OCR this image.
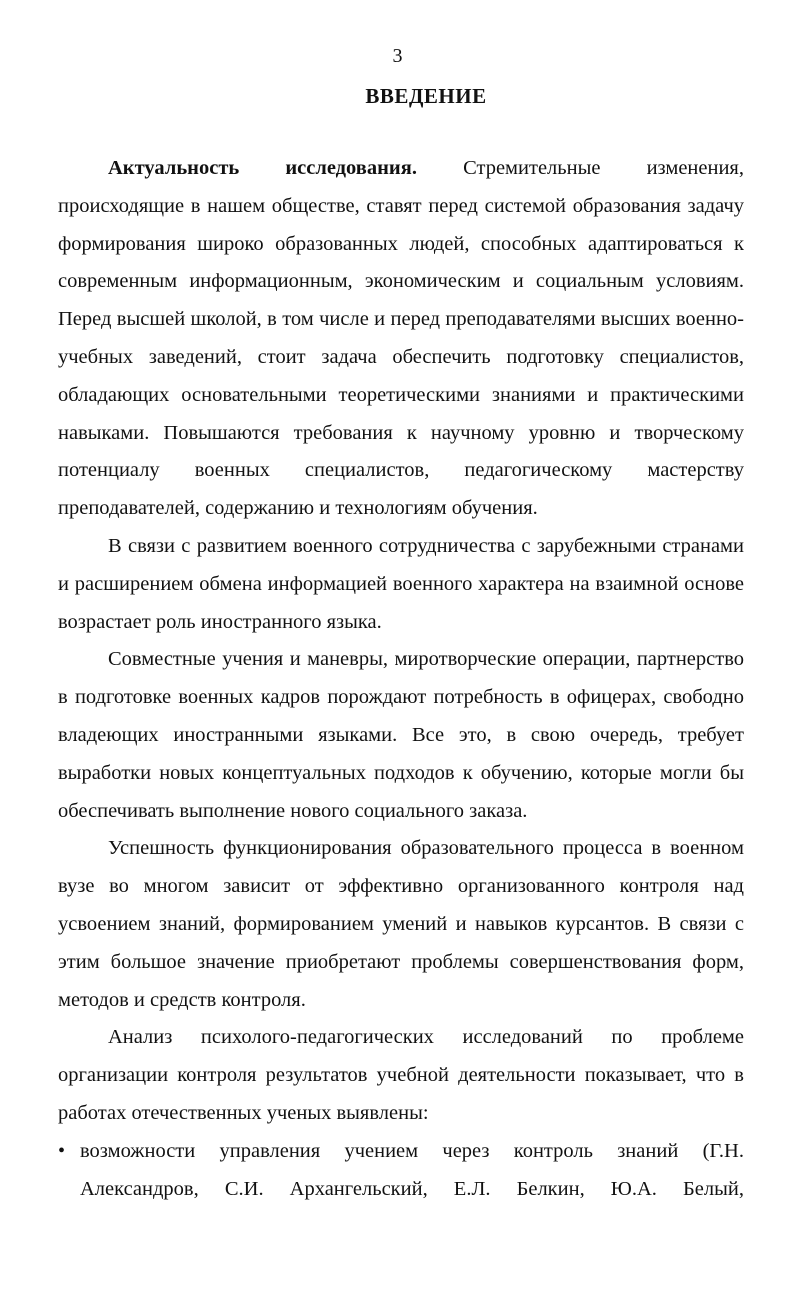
3
ВВЕДЕНИЕ

Актуальность исследования. Стремительные изменения, происходящие в нашем обществе, ставят перед системой образования задачу формирования широко образованных людей, способных адаптироваться к современным информационным, экономическим и социальным условиям. Перед высшей школой, в том числе и перед преподавателями высших военно-учебных заведений, стоит задача обеспечить подготовку специалистов, обладающих основательными теоретическими знаниями и практическими навыками. Повышаются требования к научному уровню и творческому потенциалу военных специалистов, педагогическому мастерству преподавателей, содержанию и технологиям обучения.

В связи с развитием военного сотрудничества с зарубежными странами и расширением обмена информацией военного характера на взаимной основе возрастает роль иностранного языка.

Совместные учения и маневры, миротворческие операции, партнерство в подготовке военных кадров порождают потребность в офицерах, свободно владеющих иностранными языками. Все это, в свою очередь, требует выработки новых концептуальных подходов к обучению, которые могли бы обеспечивать выполнение нового социального заказа.

Успешность функционирования образовательного процесса в военном вузе во многом зависит от эффективно организованного контроля над усвоением знаний, формированием умений и навыков курсантов. В связи с этим большое значение приобретают проблемы совершенствования форм, методов и средств контроля.

Анализ психолого-педагогических исследований по проблеме организации контроля результатов учебной деятельности показывает, что в работах отечественных ученых выявлены:

• возможности управления учением через контроль знаний (Г.Н. Александров, С.И. Архангельский, Е.Л. Белкин, Ю.А. Белый,
